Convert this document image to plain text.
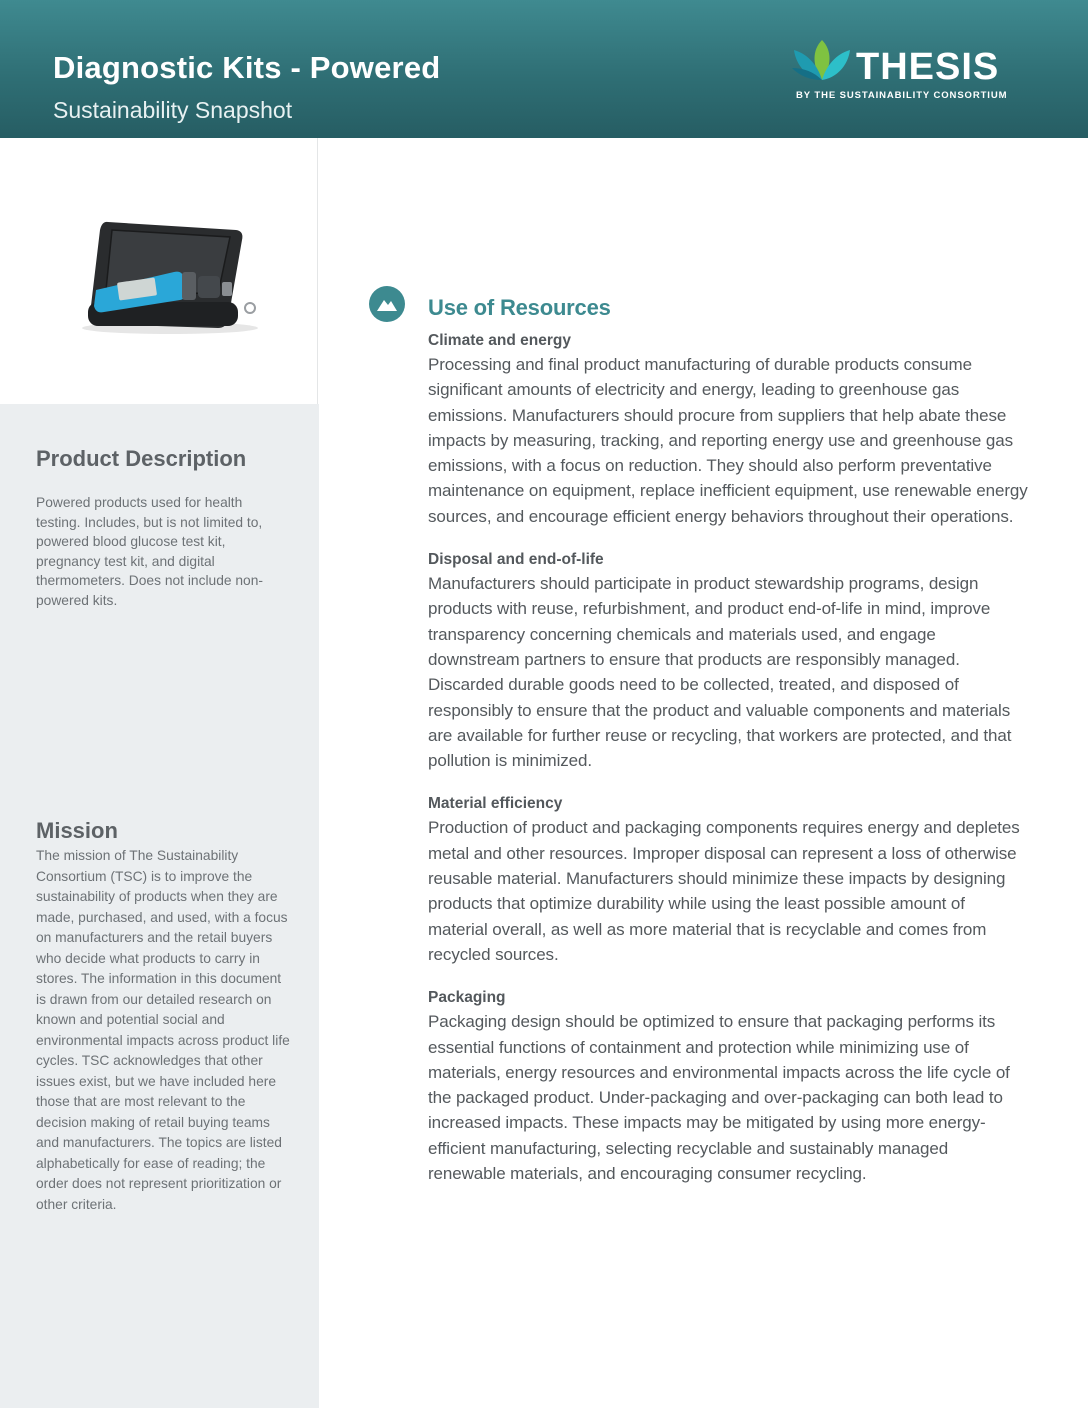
Diagnostic Kits - Powered
Sustainability Snapshot
THESIS
BY THE SUSTAINABILITY CONSORTIUM
Product Description
Powered products used for health testing. Includes, but is not limited to, powered blood glucose test kit, pregnancy test kit, and digital thermometers. Does not include non-powered kits.
Mission
The mission of The Sustainability Consortium (TSC) is to improve the sustainability of products when they are made, purchased, and used, with a focus on manufacturers and the retail buyers who decide what products to carry in stores. The information in this document is drawn from our detailed research on known and potential social and environmental impacts across product life cycles. TSC acknowledges that other issues exist, but we have included here those that are most relevant to the decision making of retail buying teams and manufacturers. The topics are listed alphabetically for ease of reading; the order does not represent prioritization or other criteria.
Use of Resources
Climate and energy

Processing and final product manufacturing of durable products consume significant amounts of electricity and energy, leading to greenhouse gas emissions. Manufacturers should procure from suppliers that help abate these impacts by measuring, tracking, and reporting energy use and greenhouse gas emissions, with a focus on reduction. They should also perform preventative maintenance on equipment, replace inefficient equipment, use renewable energy sources, and encourage efficient energy behaviors throughout their operations.

Disposal and end-of-life

Manufacturers should participate in product stewardship programs, design products with reuse, refurbishment, and product end-of-life in mind, improve transparency concerning chemicals and materials used, and engage downstream partners to ensure that products are responsibly managed. Discarded durable goods need to be collected, treated, and disposed of responsibly to ensure that the product and valuable components and materials are available for further reuse or recycling, that workers are protected, and that pollution is minimized.

Material efficiency

Production of product and packaging components requires energy and depletes metal and other resources. Improper disposal can represent a loss of otherwise reusable material. Manufacturers should minimize these impacts by designing products that optimize durability while using the least possible amount of material overall, as well as more material that is recyclable and comes from recycled sources.

Packaging

Packaging design should be optimized to ensure that packaging performs its essential functions of containment and protection while minimizing use of materials, energy resources and environmental impacts across the life cycle of the packaged product. Under-packaging and over-packaging can both lead to increased impacts. These impacts may be mitigated by using more energy-efficient manufacturing, selecting recyclable and sustainably managed renewable materials, and encouraging consumer recycling.
